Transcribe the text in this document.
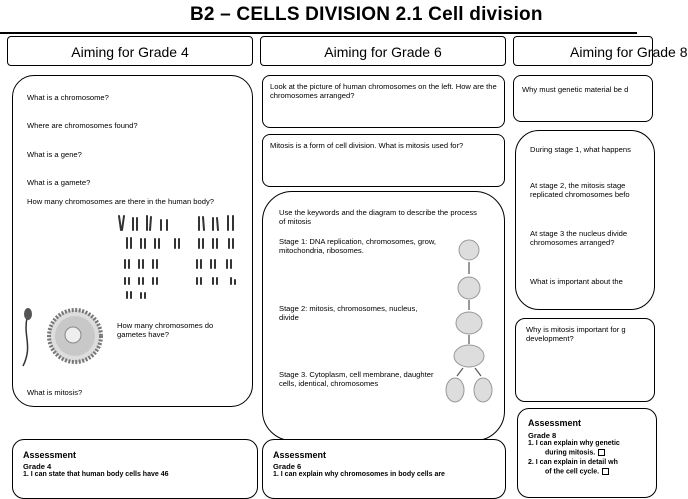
B2 – CELLS DIVISION 2.1 Cell division
Aiming for Grade 4	Aiming for Grade 6	Aiming for Grade 8
What is a chromosome?
Where are chromosomes found?
What is a gene?
What is a gamete?
How many chromosomes are there in the human body?
How many chromosomes do gametes have?
What is mitosis?
Look at the picture of human chromosomes on the left. How are the chromosomes arranged?
Mitosis is a form of cell division. What is mitosis used for?
Use the keywords and the diagram to describe the process of mitosis
Stage 1: DNA replication, chromosomes, grow, mitochondria, ribosomes.
Stage 2: mitosis, chromosomes, nucleus, divide
Stage 3. Cytoplasm, cell membrane, daughter cells, identical, chromosomes
Why must genetic material be d
During stage 1, what happens
At stage 2, the mitosis stage replicated chromosomes befo
At stage 3 the nucleus divide chromosomes arranged?
What is important about the
Why is mitosis important for g development?
Assessment
Grade 4
1. I can state that human body cells have 46
Assessment
Grade 6
1. I can explain why chromosomes in body cells are
Assessment
Grade 8
1. I can explain why genetic
during mitosis.
2. I can explain in detail wh
of the cell cycle.
